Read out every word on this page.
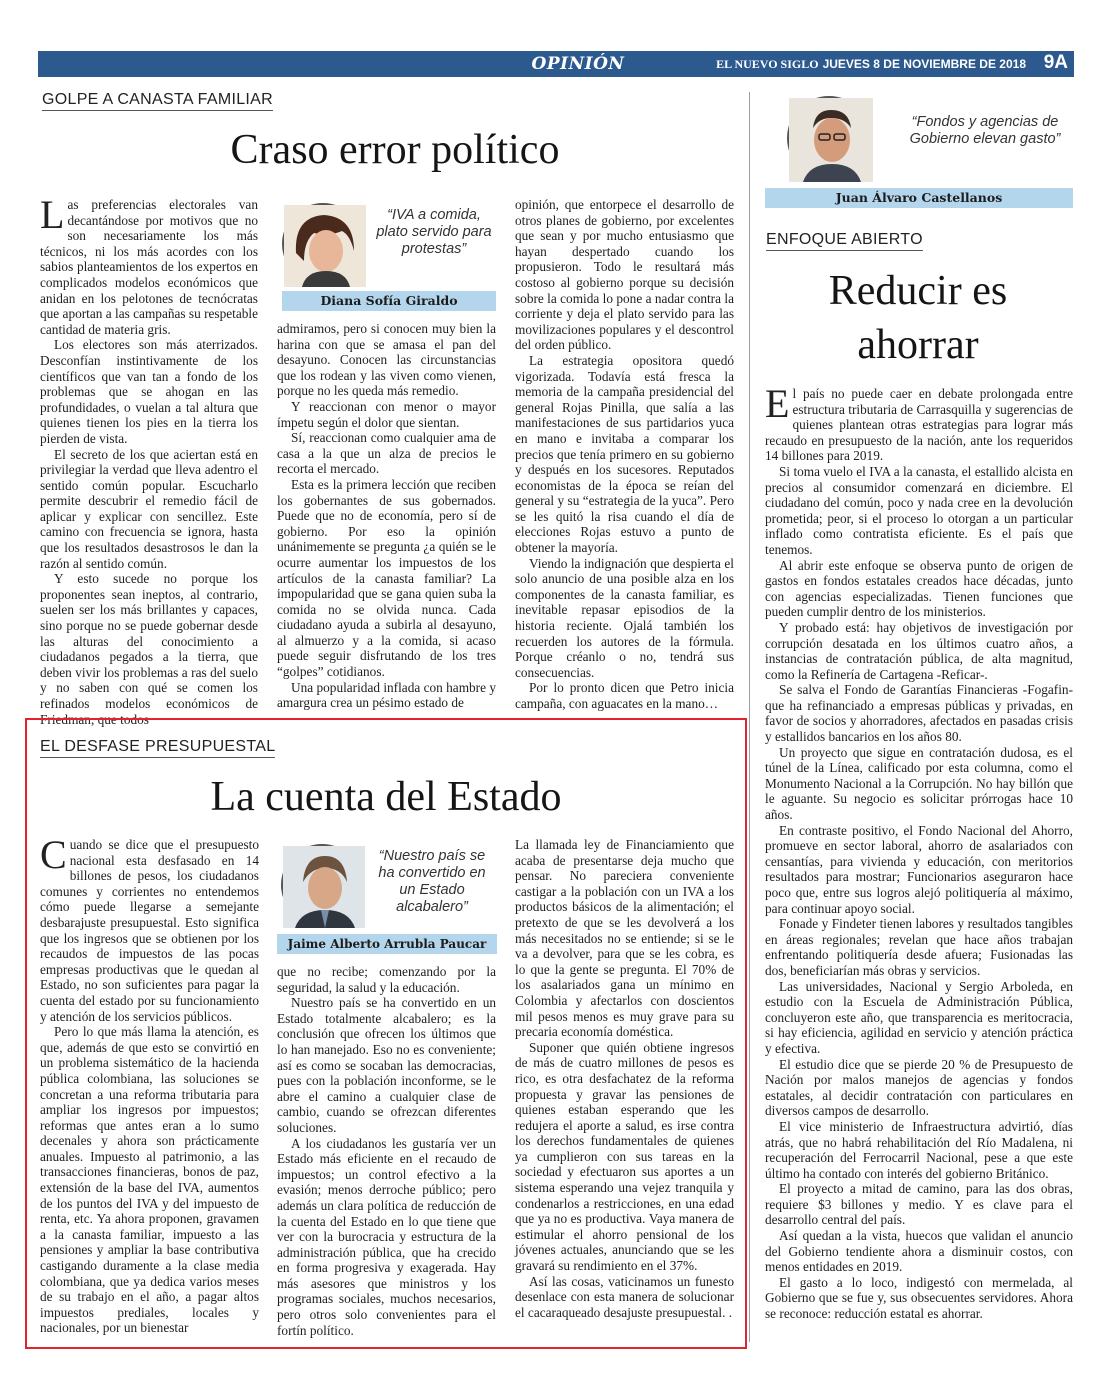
OPINIÓN	EL NUEVO SIGLO JUEVES 8 DE NOVIEMBRE DE 2018 9A
GOLPE A CANASTA FAMILIAR
Craso error político

Las preferencias electorales van decantándose por motivos que no son necesariamente los más técnicos, ni los más acordes con los sabios planteamientos de los expertos en complicados modelos económicos que anidan en los pelotones de tecnócratas que aportan a las campañas su respetable cantidad de materia gris.

Los electores son más aterrizados. Desconfían instintivamente de los científicos que van tan a fondo de los problemas que se ahogan en las profundidades, o vuelan a tal altura que quienes tienen los pies en la tierra los pierden de vista.

El secreto de los que aciertan está en privilegiar la verdad que lleva adentro el sentido común popular. Escucharlo permite descubrir el remedio fácil de aplicar y explicar con sencillez. Este camino con frecuencia se ignora, hasta que los resultados desastrosos le dan la razón al sentido común.

Y esto sucede no porque los proponentes sean ineptos, al contrario, suelen ser los más brillantes y capaces, sino porque no se puede gobernar desde las alturas del conocimiento a ciudadanos pegados a la tierra, que deben vivir los problemas a ras del suelo y no saben con qué se comen los refinados modelos económicos de Friedman, que todos

“IVA a comida, plato servido para protestas”
Diana Sofía Giraldo

admiramos, pero si conocen muy bien la harina con que se amasa el pan del desayuno. Conocen las circunstancias que los rodean y las viven como vienen, porque no les queda más remedio.

Y reaccionan con menor o mayor ímpetu según el dolor que sientan.

Sí, reaccionan como cualquier ama de casa a la que un alza de precios le recorta el mercado.

Esta es la primera lección que reciben los gobernantes de sus gobernados. Puede que no de economía, pero sí de gobierno. Por eso la opinión unánimemente se pregunta ¿a quién se le ocurre aumentar los impuestos de los artículos de la canasta familiar? La impopularidad que se gana quien suba la comida no se olvida nunca. Cada ciudadano ayuda a subirla al desayuno, al almuerzo y a la comida, si acaso puede seguir disfrutando de los tres “golpes” cotidianos.

Una popularidad inflada con hambre y amargura crea un pésimo estado de

opinión, que entorpece el desarrollo de otros planes de gobierno, por excelentes que sean y por mucho entusiasmo que hayan despertado cuando los propusieron. Todo le resultará más costoso al gobierno porque su decisión sobre la comida lo pone a nadar contra la corriente y deja el plato servido para las movilizaciones populares y el descontrol del orden público.

La estrategia opositora quedó vigorizada. Todavía está fresca la memoria de la campaña presidencial del general Rojas Pinilla, que salía a las manifestaciones de sus partidarios yuca en mano e invitaba a comparar los precios que tenía primero en su gobierno y después en los sucesores. Reputados economistas de la época se reían del general y su “estrategia de la yuca”. Pero se les quitó la risa cuando el día de elecciones Rojas estuvo a punto de obtener la mayoría.

Viendo la indignación que despierta el solo anuncio de una posible alza en los componentes de la canasta familiar, es inevitable repasar episodios de la historia reciente. Ojalá también los recuerden los autores de la fórmula. Porque créanlo o no, tendrá sus consecuencias.

Por lo pronto dicen que Petro inicia campaña, con aguacates en la mano…

EL DESFASE PRESUPUESTAL
La cuenta del Estado

Cuando se dice que el presupuesto nacional esta desfasado en 14 billones de pesos, los ciudadanos comunes y corrientes no entendemos cómo puede llegarse a semejante desbarajuste presupuestal. Esto significa que los ingresos que se obtienen por los recaudos de impuestos de las pocas empresas productivas que le quedan al Estado, no son suficientes para pagar la cuenta del estado por su funcionamiento y atención de los servicios públicos.

Pero lo que más llama la atención, es que, además de que esto se convirtió en un problema sistemático de la hacienda pública colombiana, las soluciones se concretan a una reforma tributaria para ampliar los ingresos por impuestos; reformas que antes eran a lo sumo decenales y ahora son prácticamente anuales. Impuesto al patrimonio, a las transacciones financieras, bonos de paz, extensión de la base del IVA, aumentos de los puntos del IVA y del impuesto de renta, etc. Ya ahora proponen, gravamen a la canasta familiar, impuesto a las pensiones y ampliar la base contributiva castigando duramente a la clase media colombiana, que ya dedica varios meses de su trabajo en el año, a pagar altos impuestos prediales, locales y nacionales, por un bienestar

“Nuestro país se ha convertido en un Estado alcabalero”
Jaime Alberto Arrubla Paucar

que no recibe; comenzando por la seguridad, la salud y la educación.

Nuestro país se ha convertido en un Estado totalmente alcabalero; es la conclusión que ofrecen los últimos que lo han manejado. Eso no es conveniente; así es como se socaban las democracias, pues con la población inconforme, se le abre el camino a cualquier clase de cambio, cuando se ofrezcan diferentes soluciones.

A los ciudadanos les gustaría ver un Estado más eficiente en el recaudo de impuestos; un control efectivo a la evasión; menos derroche público; pero además un clara política de reducción de la cuenta del Estado en lo que tiene que ver con la burocracia y estructura de la administración pública, que ha crecido en forma progresiva y exagerada. Hay más asesores que ministros y los programas sociales, muchos necesarios, pero otros solo convenientes para el fortín político.

La llamada ley de Financiamiento que acaba de presentarse deja mucho que pensar. No pareciera conveniente castigar a la población con un IVA a los productos básicos de la alimentación; el pretexto de que se les devolverá a los más necesitados no se entiende; si se le va a devolver, para que se les cobra, es lo que la gente se pregunta. El 70% de los asalariados gana un mínimo en Colombia y afectarlos con doscientos mil pesos menos es muy grave para su precaria economía doméstica.

Suponer que quién obtiene ingresos de más de cuatro millones de pesos es rico, es otra desfachatez de la reforma propuesta y gravar las pensiones de quienes estaban esperando que les redujera el aporte a salud, es irse contra los derechos fundamentales de quienes ya cumplieron con sus tareas en la sociedad y efectuaron sus aportes a un sistema esperando una vejez tranquila y condenarlos a restricciones, en una edad que ya no es productiva. Vaya manera de estimular el ahorro pensional de los jóvenes actuales, anunciando que se les gravará su rendimiento en el 37%.

Así las cosas, vaticinamos un funesto desenlace con esta manera de solucionar el cacaraqueado desajuste presupuestal. .

“Fondos y agencias de Gobierno elevan gasto”
Juan Álvaro Castellanos
ENFOQUE ABIERTO
Reducir es ahorrar

El país no puede caer en debate prolongada entre estructura tributaria de Carrasquilla y sugerencias de quienes plantean otras estrategias para lograr más recaudo en presupuesto de la nación, ante los requeridos 14 billones para 2019.

Si toma vuelo el IVA a la canasta, el estallido alcista en precios al consumidor comenzará en diciembre. El ciudadano del común, poco y nada cree en la devolución prometida; peor, si el proceso lo otorgan a un particular inflado como contratista eficiente. Es el país que tenemos.

Al abrir este enfoque se observa punto de origen de gastos en fondos estatales creados hace décadas, junto con agencias especializadas. Tienen funciones que pueden cumplir dentro de los ministerios.

Y probado está: hay objetivos de investigación por corrupción desatada en los últimos cuatro años, a instancias de contratación pública, de alta magnitud, como la Refinería de Cartagena -Reficar-.

Se salva el Fondo de Garantías Financieras -Fogafin- que ha refinanciado a empresas públicas y privadas, en favor de socios y ahorradores, afectados en pasadas crisis y estallidos bancarios en los años 80.

Un proyecto que sigue en contratación dudosa, es el túnel de la Línea, calificado por esta columna, como el Monumento Nacional a la Corrupción. No hay billón que le aguante. Su negocio es solicitar prórrogas hace 10 años.

En contraste positivo, el Fondo Nacional del Ahorro, promueve en sector laboral, ahorro de asalariados con censantías, para vivienda y educación, con meritorios resultados para mostrar; Funcionarios aseguraron hace poco que, entre sus logros alejó politiquería al máximo, para continuar apoyo social.

Fonade y Findeter tienen labores y resultados tangibles en áreas regionales; revelan que hace años trabajan enfrentando politiquería desde afuera; Fusionadas las dos, beneficiarían más obras y servicios.

Las universidades, Nacional y Sergio Arboleda, en estudio con la Escuela de Administración Pública, concluyeron este año, que transparencia es meritocracia, si hay eficiencia, agilidad en servicio y atención práctica y efectiva.

El estudio dice que se pierde 20 % de Presupuesto de Nación por malos manejos de agencias y fondos estatales, al decidir contratación con particulares en diversos campos de desarrollo.

El vice ministerio de Infraestructura advirtió, días atrás, que no habrá rehabilitación del Río Madalena, ni recuperación del Ferrocarril Nacional, pese a que este último ha contado con interés del gobierno Británico.

El proyecto a mitad de camino, para las dos obras, requiere $3 billones y medio. Y es clave para el desarrollo central del país.

Así quedan a la vista, huecos que validan el anuncio del Gobierno tendiente ahora a disminuir costos, con menos entidades en 2019.

El gasto a lo loco, indigestó con mermelada, al Gobierno que se fue y, sus obsecuentes servidores. Ahora se reconoce: reducción estatal es ahorrar.
